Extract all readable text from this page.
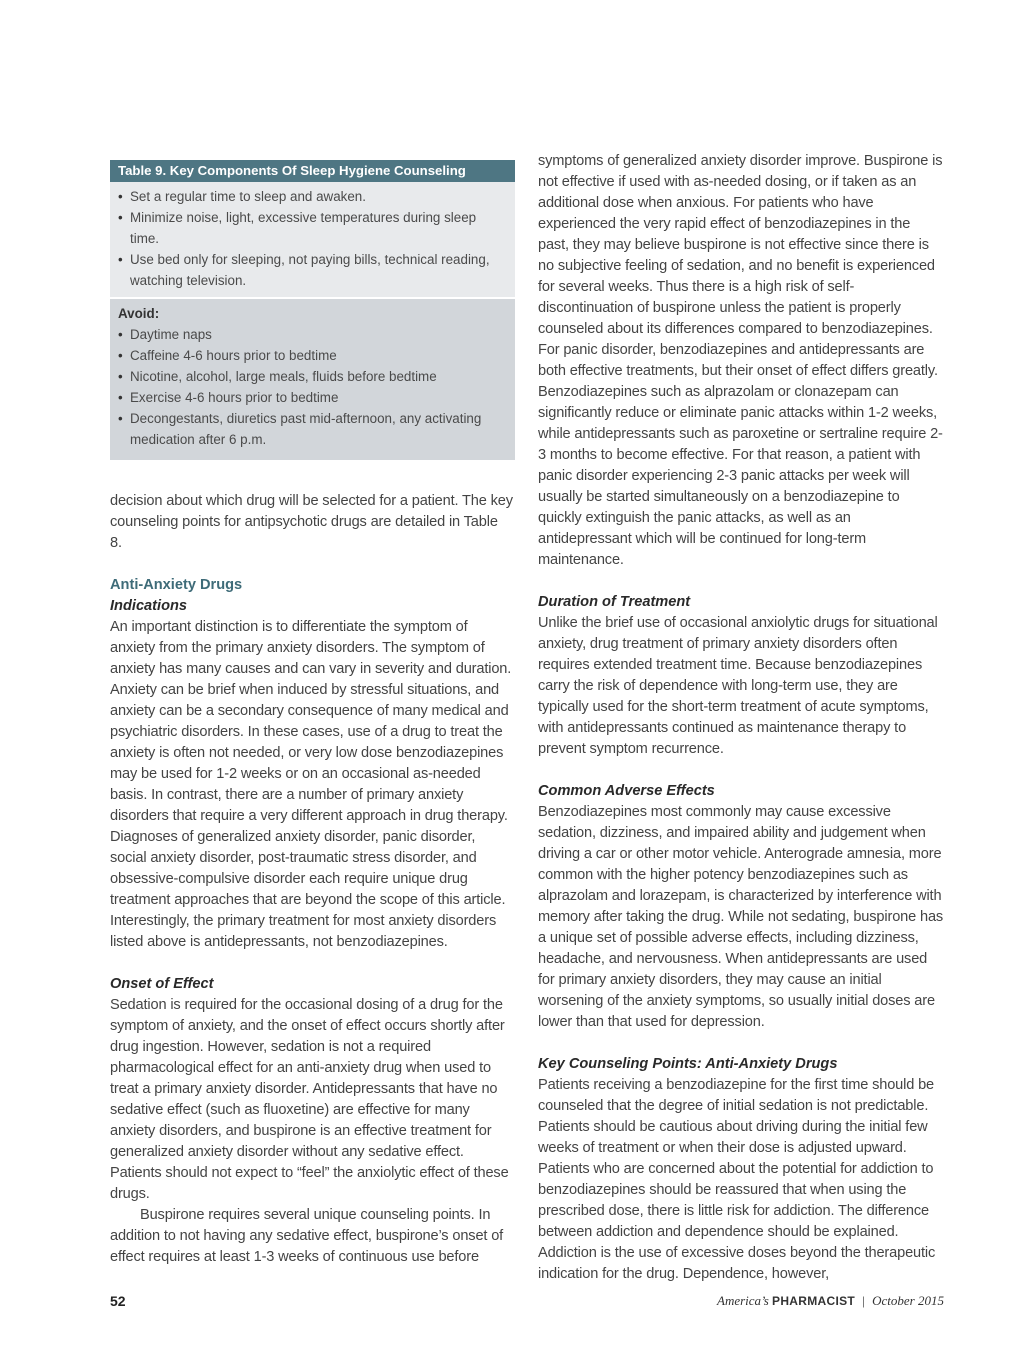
Table 9. Key Components Of Sleep Hygiene Counseling
• Set a regular time to sleep and awaken.
• Minimize noise, light, excessive temperatures during sleep time.
• Use bed only for sleeping, not paying bills, technical reading, watching television.
Avoid:
• Daytime naps
• Caffeine 4-6 hours prior to bedtime
• Nicotine, alcohol, large meals, fluids before bedtime
• Exercise 4-6 hours prior to bedtime
• Decongestants, diuretics past mid-afternoon, any activating medication after 6 p.m.

decision about which drug will be selected for a patient. The key counseling points for antipsychotic drugs are detailed in Table 8.

Anti-Anxiety Drugs

Indications

An important distinction is to differentiate the symptom of anxiety from the primary anxiety disorders. The symptom of anxiety has many causes and can vary in severity and duration. Anxiety can be brief when induced by stressful situations, and anxiety can be a secondary consequence of many medical and psychiatric disorders. In these cases, use of a drug to treat the anxiety is often not needed, or very low dose benzodiazepines may be used for 1-2 weeks or on an occasional as-needed basis. In contrast, there are a number of primary anxiety disorders that require a very different approach in drug therapy. Diagnoses of generalized anxiety disorder, panic disorder, social anxiety disorder, post-traumatic stress disorder, and obsessive-compulsive disorder each require unique drug treatment approaches that are beyond the scope of this article. Interestingly, the primary treatment for most anxiety disorders listed above is antidepressants, not benzodiazepines.

Onset of Effect

Sedation is required for the occasional dosing of a drug for the symptom of anxiety, and the onset of effect occurs shortly after drug ingestion. However, sedation is not a required pharmacological effect for an anti-anxiety drug when used to treat a primary anxiety disorder. Antidepressants that have no sedative effect (such as fluoxetine) are effective for many anxiety disorders, and buspirone is an effective treatment for generalized anxiety disorder without any sedative effect. Patients should not expect to “feel” the anxiolytic effect of these drugs.

Buspirone requires several unique counseling points. In addition to not having any sedative effect, buspirone’s onset of effect requires at least 1-3 weeks of continuous use before

symptoms of generalized anxiety disorder improve. Buspirone is not effective if used with as-needed dosing, or if taken as an additional dose when anxious. For patients who have experienced the very rapid effect of benzodiazepines in the past, they may believe buspirone is not effective since there is no subjective feeling of sedation, and no benefit is experienced for several weeks. Thus there is a high risk of self-discontinuation of buspirone unless the patient is properly counseled about its differences compared to benzodiazepines. For panic disorder, benzodiazepines and antidepressants are both effective treatments, but their onset of effect differs greatly. Benzodiazepines such as alprazolam or clonazepam can significantly reduce or eliminate panic attacks within 1-2 weeks, while antidepressants such as paroxetine or sertraline require 2-3 months to become effective. For that reason, a patient with panic disorder experiencing 2-3 panic attacks per week will usually be started simultaneously on a benzodiazepine to quickly extinguish the panic attacks, as well as an antidepressant which will be continued for long-term maintenance.

Duration of Treatment

Unlike the brief use of occasional anxiolytic drugs for situational anxiety, drug treatment of primary anxiety disorders often requires extended treatment time. Because benzodiazepines carry the risk of dependence with long-term use, they are typically used for the short-term treatment of acute symptoms, with antidepressants continued as maintenance therapy to prevent symptom recurrence.

Common Adverse Effects

Benzodiazepines most commonly may cause excessive sedation, dizziness, and impaired ability and judgement when driving a car or other motor vehicle. Anterograde amnesia, more common with the higher potency benzodiazepines such as alprazolam and lorazepam, is characterized by interference with memory after taking the drug. While not sedating, buspirone has a unique set of possible adverse effects, including dizziness, headache, and nervousness. When antidepressants are used for primary anxiety disorders, they may cause an initial worsening of the anxiety symptoms, so usually initial doses are lower than that used for depression.

Key Counseling Points: Anti-Anxiety Drugs

Patients receiving a benzodiazepine for the first time should be counseled that the degree of initial sedation is not predictable. Patients should be cautious about driving during the initial few weeks of treatment or when their dose is adjusted upward. Patients who are concerned about the potential for addiction to benzodiazepines should be reassured that when using the prescribed dose, there is little risk for addiction. The difference between addiction and dependence should be explained. Addiction is the use of excessive doses beyond the therapeutic indication for the drug. Dependence, however,

52	America’s PHARMACIST | October 2015
